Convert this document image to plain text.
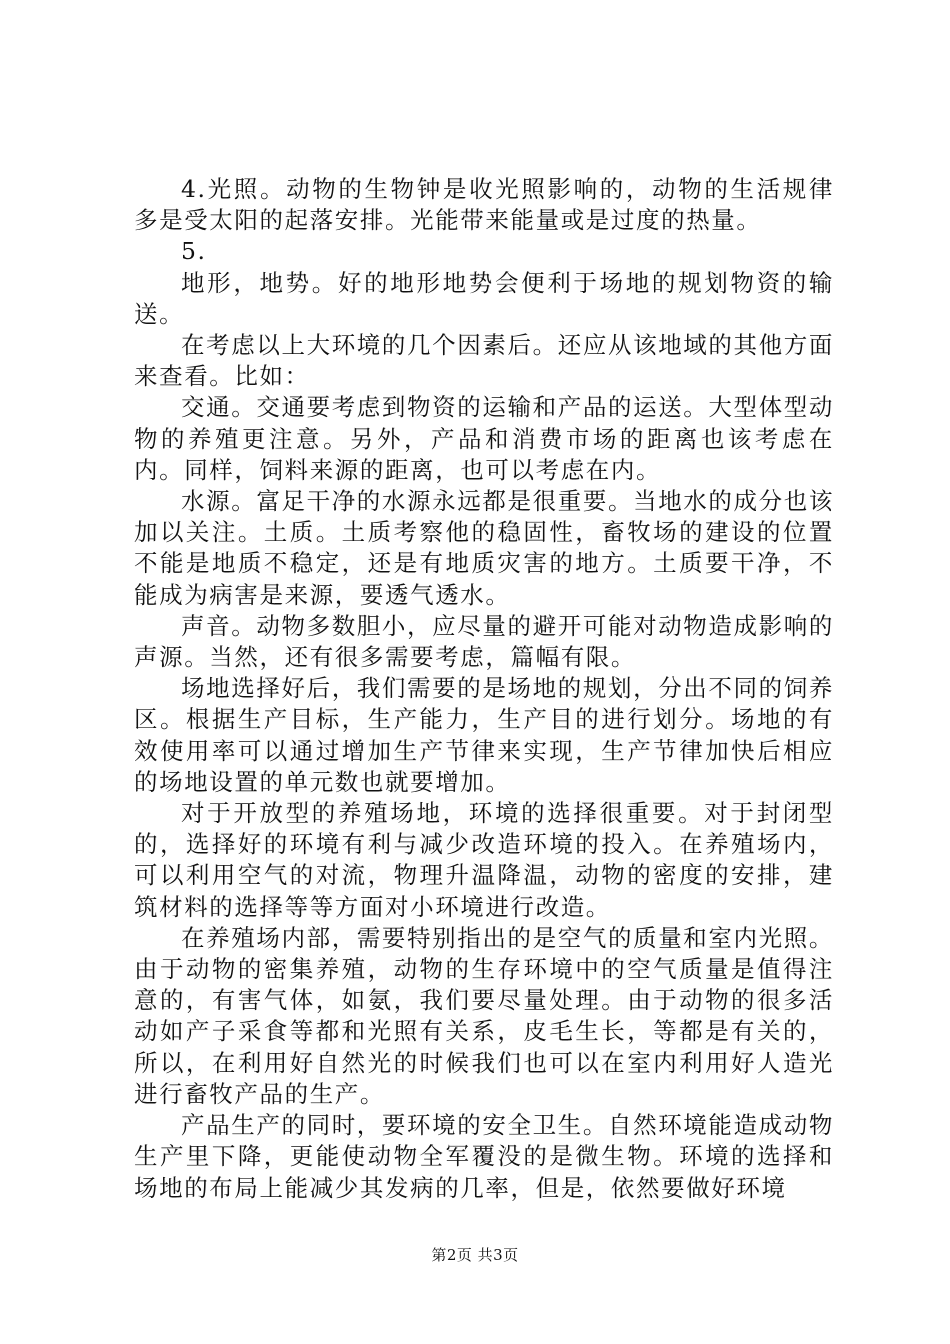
4.光照。动物的生物钟是收光照影响的，动物的生活规律多是受太阳的起落安排。光能带来能量或是过度的热量。

5.

地形，地势。好的地形地势会便利于场地的规划物资的输送。

在考虑以上大环境的几个因素后。还应从该地域的其他方面来查看。比如：

交通。交通要考虑到物资的运输和产品的运送。大型体型动物的养殖更注意。另外，产品和消费市场的距离也该考虑在内。同样，饲料来源的距离，也可以考虑在内。

水源。富足干净的水源永远都是很重要。当地水的成分也该加以关注。土质。土质考察他的稳固性，畜牧场的建设的位置不能是地质不稳定，还是有地质灾害的地方。土质要干净，不能成为病害是来源，要透气透水。

声音。动物多数胆小，应尽量的避开可能对动物造成影响的声源。当然，还有很多需要考虑，篇幅有限。

场地选择好后，我们需要的是场地的规划，分出不同的饲养区。根据生产目标，生产能力，生产目的进行划分。场地的有效使用率可以通过增加生产节律来实现，生产节律加快后相应的场地设置的单元数也就要增加。

对于开放型的养殖场地，环境的选择很重要。对于封闭型的，选择好的环境有利与减少改造环境的投入。在养殖场内，可以利用空气的对流，物理升温降温，动物的密度的安排，建筑材料的选择等等方面对小环境进行改造。

在养殖场内部，需要特别指出的是空气的质量和室内光照。由于动物的密集养殖，动物的生存环境中的空气质量是值得注意的，有害气体，如氨，我们要尽量处理。由于动物的很多活动如产子采食等都和光照有关系，皮毛生长，等都是有关的，所以，在利用好自然光的时候我们也可以在室内利用好人造光进行畜牧产品的生产。

产品生产的同时，要环境的安全卫生。自然环境能造成动物生产里下降，更能使动物全军覆没的是微生物。环境的选择和场地的布局上能减少其发病的几率，但是，依然要做好环境

第2页 共3页
